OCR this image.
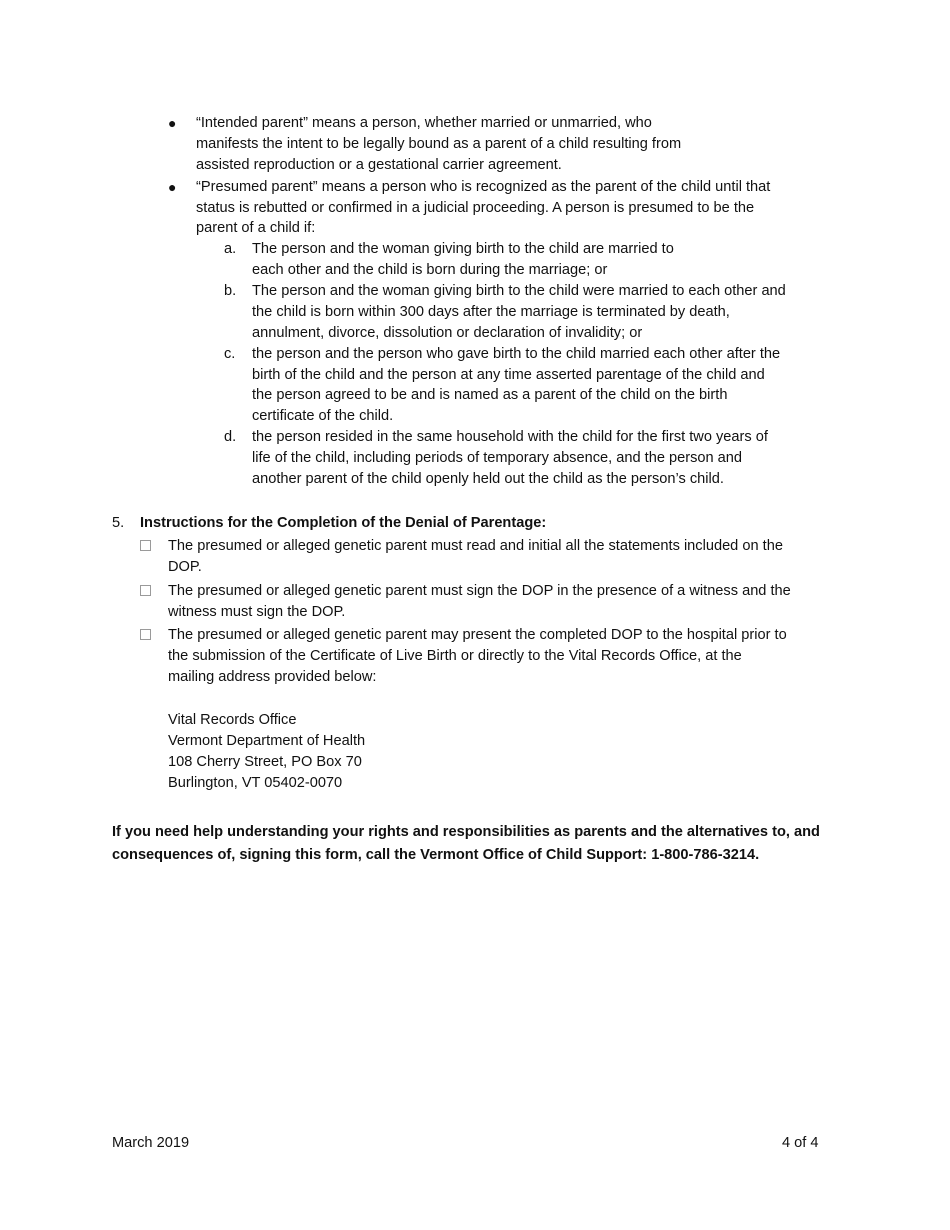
● “Intended parent” means a person, whether married or unmarried, who
manifests the intent to be legally bound as a parent of a child resulting from
assisted reproduction or a gestational carrier agreement.
● “Presumed parent” means a person who is recognized as the parent of the child until that
status is rebutted or confirmed in a judicial proceeding. A person is presumed to be the
parent of a child if:
a. The person and the woman giving birth to the child are married to
each other and the child is born during the marriage; or
b. The person and the woman giving birth to the child were married to each other and
the child is born within 300 days after the marriage is terminated by death,
annulment, divorce, dissolution or declaration of invalidity; or
c. the person and the person who gave birth to the child married each other after the
birth of the child and the person at any time asserted parentage of the child and
the person agreed to be and is named as a parent of the child on the birth
certificate of the child.
d. the person resided in the same household with the child for the first two years of
life of the child, including periods of temporary absence, and the person and
another parent of the child openly held out the child as the person’s child.
5. Instructions for the Completion of the Denial of Parentage:
The presumed or alleged genetic parent must read and initial all the statements included on the
DOP.
The presumed or alleged genetic parent must sign the DOP in the presence of a witness and the
witness must sign the DOP.
The presumed or alleged genetic parent may present the completed DOP to the hospital prior to
the submission of the Certificate of Live Birth or directly to the Vital Records Office, at the
mailing address provided below:
Vital Records Office
Vermont Department of Health
108 Cherry Street, PO Box 70
Burlington, VT 05402-0070
If you need help understanding your rights and responsibilities as parents and the alternatives to, and
consequences of, signing this form, call the Vermont Office of Child Support: 1-800-786-3214.
March 2019	4 of 4
